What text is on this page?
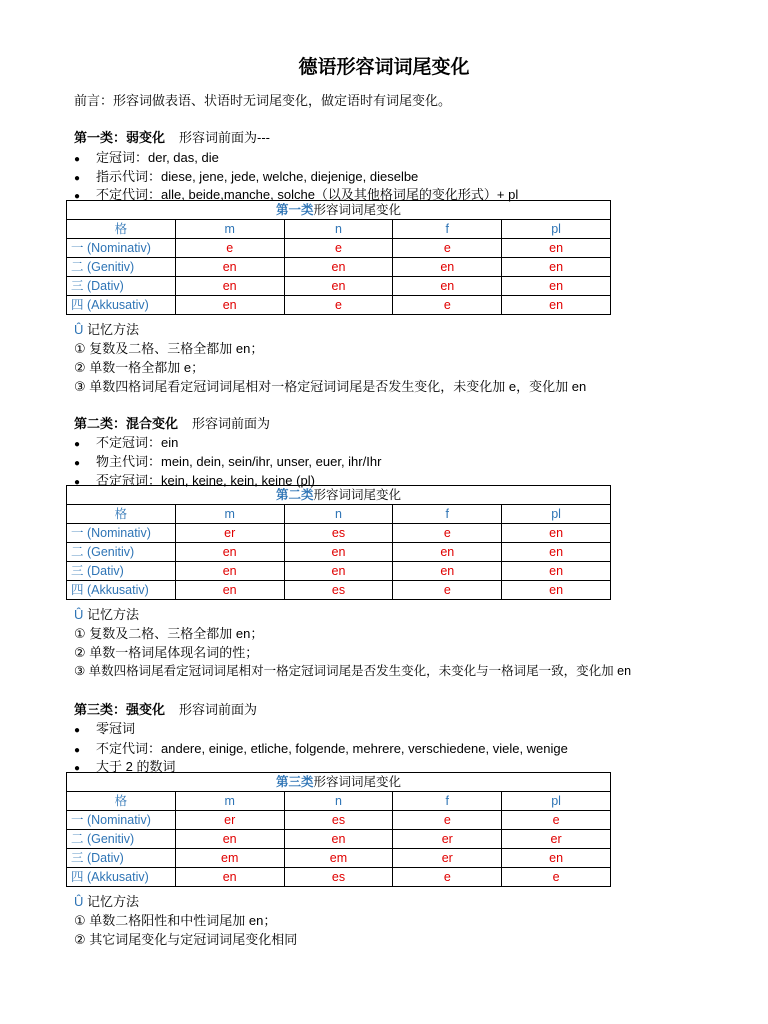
德语形容词词尾变化
前言：形容词做表语、状语时无词尾变化，做定语时有词尾变化。
第一类：弱变化 形容词前面为---
● 定冠词：der, das, die
● 指示代词：diese, jene, jede, welche, diejenige, dieselbe
● 不定代词：alle, beide,manche, solche（以及其他格词尾的变化形式）+ pl
第一类形容词词尾变化				
格	m	n	f	pl
一 (Nominativ)	e	e	e	en
二 (Genitiv)	en	en	en	en
三 (Dativ)	en	en	en	en
四 (Akkusativ)	en	e	e	en
Û 记忆方法
① 复数及二格、三格全都加 en；
② 单数一格全都加 e；
③ 单数四格词尾看定冠词词尾相对一格定冠词词尾是否发生变化，未变化加 e，变化加 en
第二类：混合变化 形容词前面为
● 不定冠词：ein
● 物主代词：mein, dein, sein/ihr, unser, euer, ihr/Ihr
● 否定冠词：kein, keine, kein, keine (pl)
第二类形容词词尾变化				
格	m	n	f	pl
一 (Nominativ)	er	es	e	en
二 (Genitiv)	en	en	en	en
三 (Dativ)	en	en	en	en
四 (Akkusativ)	en	es	e	en
Û 记忆方法
① 复数及二格、三格全都加 en；
② 单数一格词尾体现名词的性；
③ 单数四格词尾看定冠词词尾相对一格定冠词词尾是否发生变化，未变化与一格词尾一致，变化加 en
第三类：强变化 形容词前面为
● 零冠词
● 不定代词：andere, einige, etliche, folgende, mehrere, verschiedene, viele, wenige
● 大于 2 的数词
第三类形容词词尾变化				
格	m	n	f	pl
一 (Nominativ)	er	es	e	e
二 (Genitiv)	en	en	er	er
三 (Dativ)	em	em	er	en
四 (Akkusativ)	en	es	e	e
Û 记忆方法
① 单数二格阳性和中性词尾加 en；
② 其它词尾变化与定冠词词尾变化相同
